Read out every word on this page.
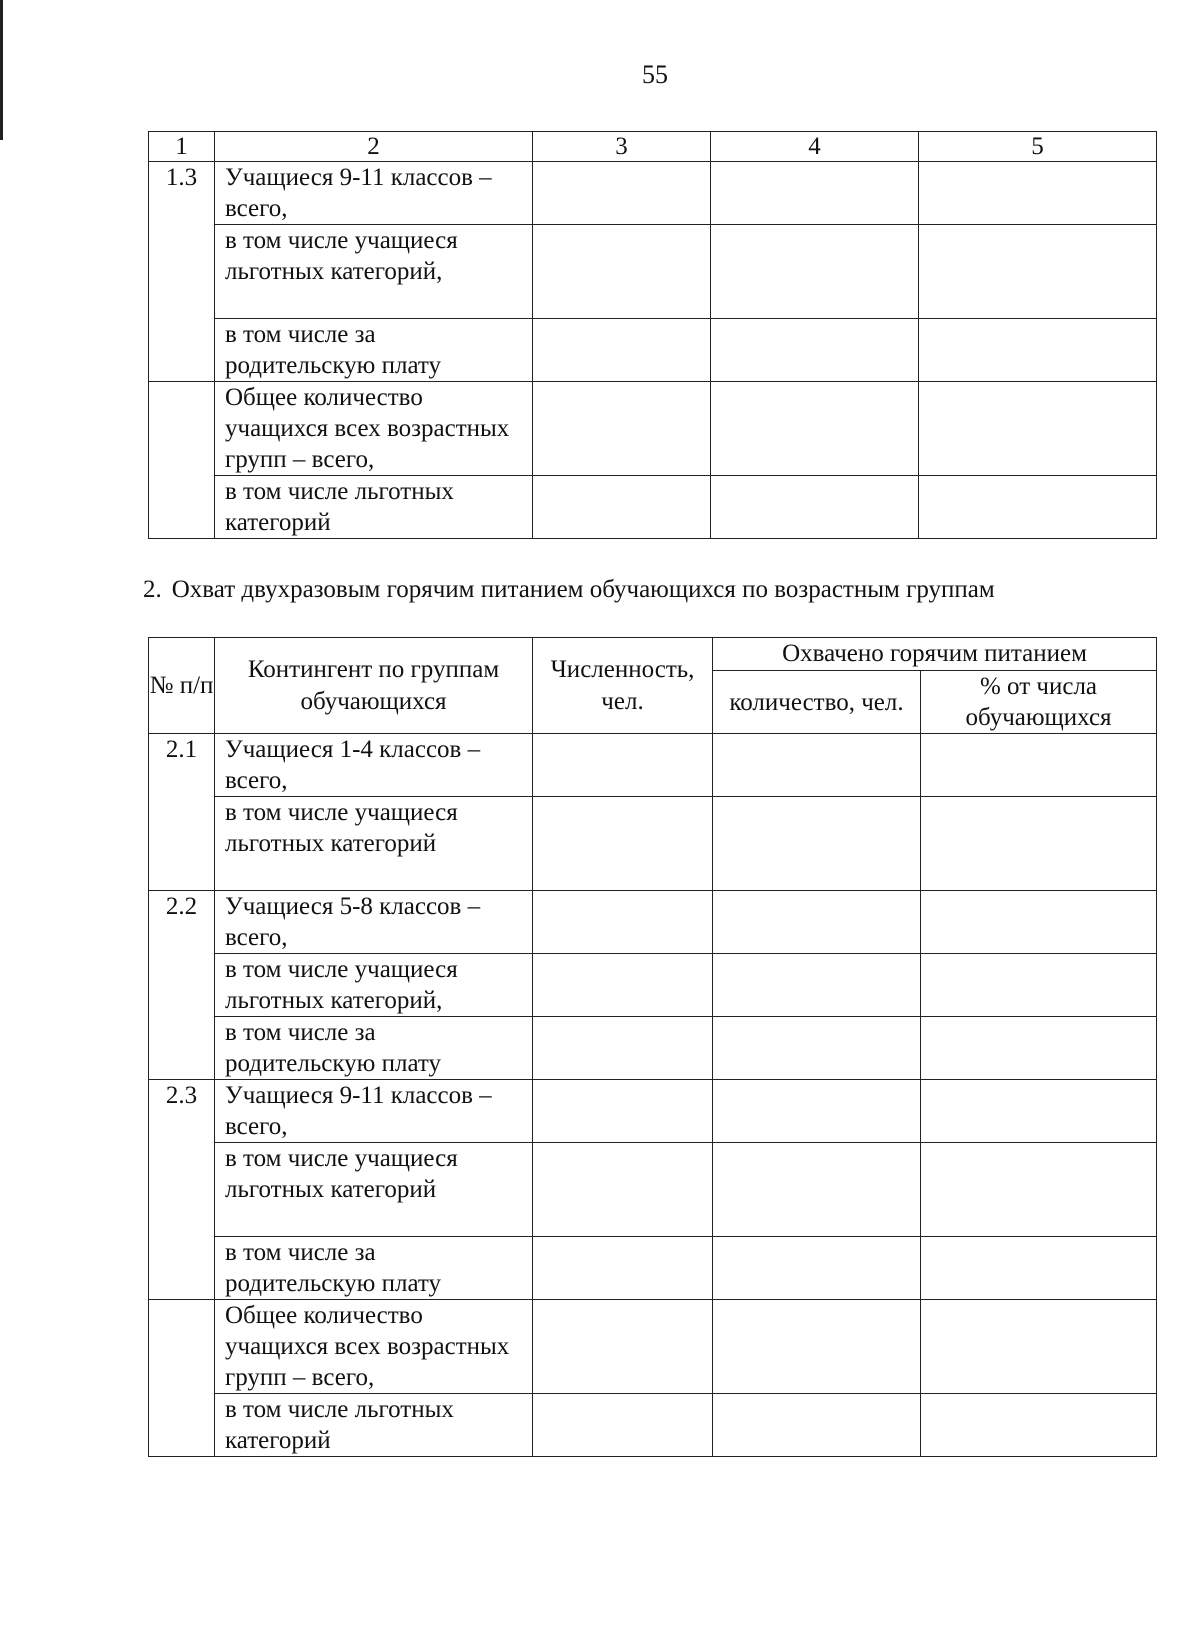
55
1	2	3	4	5
1.3	Учащиеся 9-11 классов – всего,			
	в том числе учащиеся льготных категорий,			
	в том числе за родительскую плату			
	Общее количество учащихся всех возрастных групп – всего,			
	в том числе льготных категорий			
2. Охват двухразовым горячим питанием обучающихся по возрастным группам
№ п/п	Контингент по группам обучающихся	Численность, чел.	Охвачено горячим питанием	
			количество, чел.	% от числа обучающихся
2.1	Учащиеся 1-4 классов – всего,			
	в том числе учащиеся льготных категорий			
2.2	Учащиеся 5-8 классов – всего,			
	в том числе учащиеся льготных категорий,			
	в том числе за родительскую плату			
2.3	Учащиеся 9-11 классов – всего,			
	в том числе учащиеся льготных категорий			
	в том числе за родительскую плату			
	Общее количество учащихся всех возрастных групп – всего,			
	в том числе льготных категорий			
